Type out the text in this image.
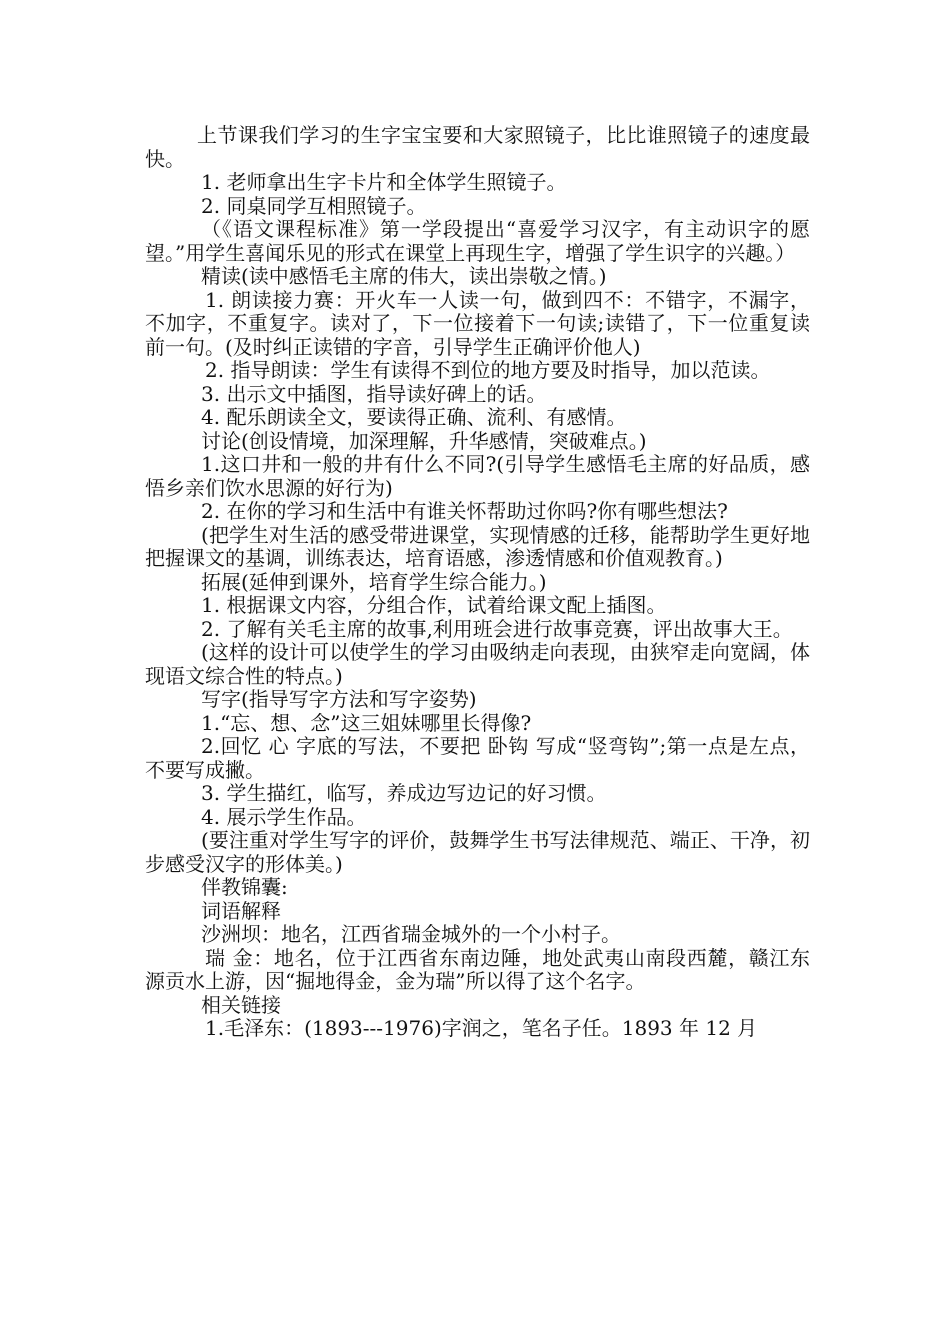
上节课我们学习的生字宝宝要和大家照镜子，比比谁照镜子的速度最快。

1. 老师拿出生字卡片和全体学生照镜子。

2. 同桌同学互相照镜子。

（《语文课程标准》第一学段提出“喜爱学习汉字，有主动识字的愿望。”用学生喜闻乐见的形式在课堂上再现生字，增强了学生识字的兴趣。）

精读(读中感悟毛主席的伟大，读出崇敬之情。)

1. 朗读接力赛：开火车一人读一句，做到四不：不错字，不漏字，不加字，不重复字。读对了，下一位接着下一句读;读错了，下一位重复读前一句。(及时纠正读错的字音，引导学生正确评价他人)

2. 指导朗读：学生有读得不到位的地方要及时指导，加以范读。

3. 出示文中插图，指导读好碑上的话。

4. 配乐朗读全文，要读得正确、流利、有感情。

讨论(创设情境，加深理解，升华感情，突破难点。)

1.这口井和一般的井有什么不同?(引导学生感悟毛主席的好品质，感悟乡亲们饮水思源的好行为)

2. 在你的学习和生活中有谁关怀帮助过你吗?你有哪些想法?

(把学生对生活的感受带进课堂，实现情感的迁移，能帮助学生更好地把握课文的基调，训练表达，培育语感，渗透情感和价值观教育。)

拓展(延伸到课外，培育学生综合能力。)

1. 根据课文内容，分组合作，试着给课文配上插图。

2. 了解有关毛主席的故事,利用班会进行故事竞赛，评出故事大王。

(这样的设计可以使学生的学习由吸纳走向表现，由狭窄走向宽阔，体现语文综合性的特点。)

写字(指导写字方法和写字姿势)

1.“忘、想、念”这三姐妹哪里长得像?

2.回忆 心 字底的写法，不要把 卧钩 写成“竖弯钩”;第一点是左点，不要写成撇。

3. 学生描红，临写，养成边写边记的好习惯。

4. 展示学生作品。

(要注重对学生写字的评价，鼓舞学生书写法律规范、端正、干净，初步感受汉字的形体美。)

伴教锦囊:

词语解释

沙洲坝：地名，江西省瑞金城外的一个小村子。

瑞 金：地名，位于江西省东南边陲，地处武夷山南段西麓，赣江东源贡水上游，因“掘地得金，金为瑞”所以得了这个名字。

相关链接

1.毛泽东：(1893---1976)字润之，笔名子任。1893 年 12 月
